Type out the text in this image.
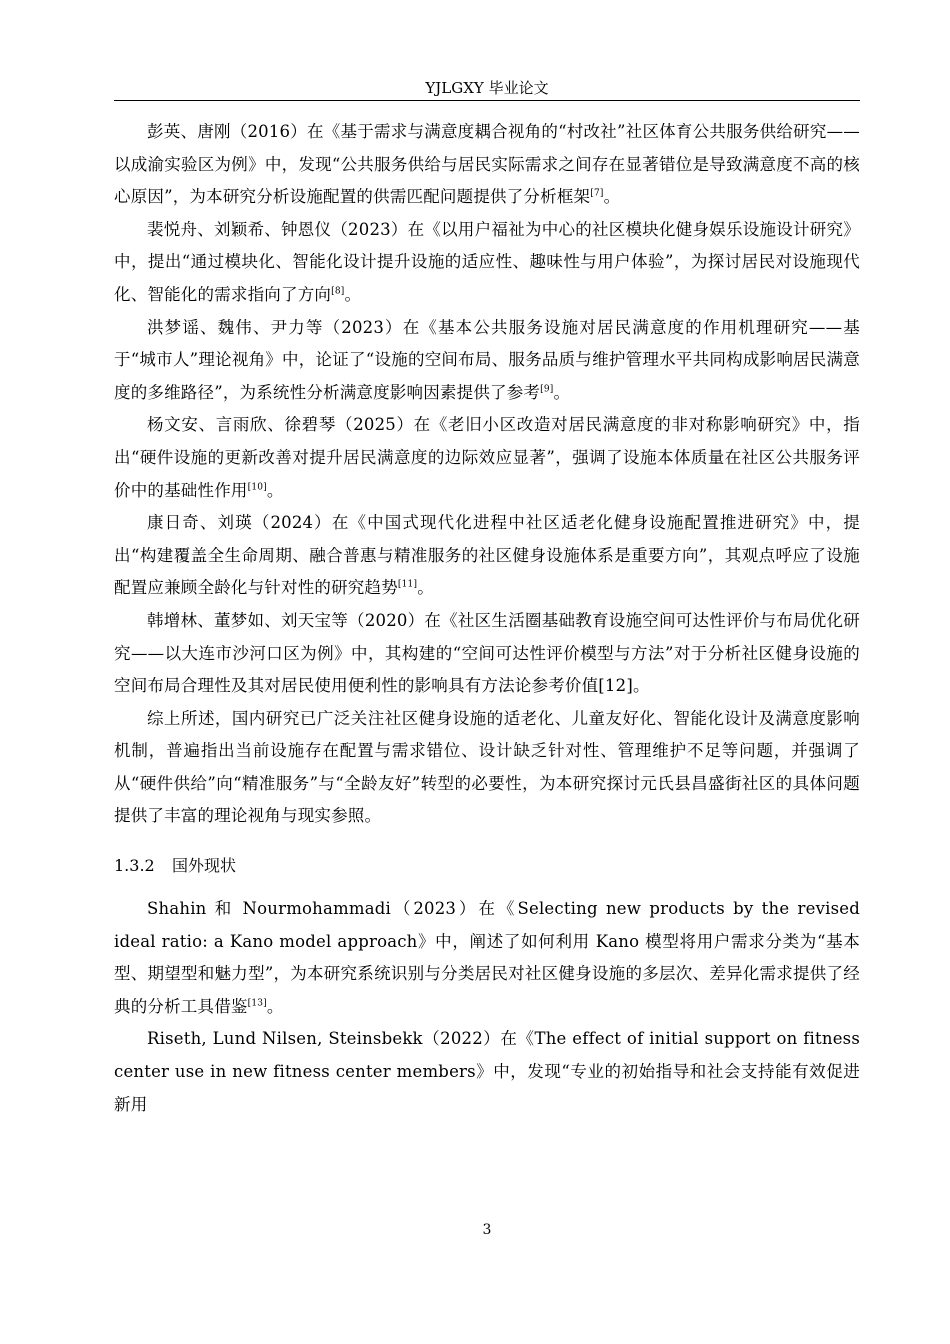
YJLGXY 毕业论文

彭英、唐刚（2016）在《基于需求与满意度耦合视角的“村改社”社区体育公共服务供给研究——以成渝实验区为例》中，发现“公共服务供给与居民实际需求之间存在显著错位是导致满意度不高的核心原因”，为本研究分析设施配置的供需匹配问题提供了分析框架[7]。

裴悦舟、刘颖希、钟恩仪（2023）在《以用户福祉为中心的社区模块化健身娱乐设施设计研究》中，提出“通过模块化、智能化设计提升设施的适应性、趣味性与用户体验”，为探讨居民对设施现代化、智能化的需求指向了方向[8]。

洪梦谣、魏伟、尹力等（2023）在《基本公共服务设施对居民满意度的作用机理研究——基于“城市人”理论视角》中，论证了“设施的空间布局、服务品质与维护管理水平共同构成影响居民满意度的多维路径”，为系统性分析满意度影响因素提供了参考[9]。

杨文安、言雨欣、徐碧琴（2025）在《老旧小区改造对居民满意度的非对称影响研究》中，指出“硬件设施的更新改善对提升居民满意度的边际效应显著”，强调了设施本体质量在社区公共服务评价中的基础性作用[10]。

康日奇、刘瑛（2024）在《中国式现代化进程中社区适老化健身设施配置推进研究》中，提出“构建覆盖全生命周期、融合普惠与精准服务的社区健身设施体系是重要方向”，其观点呼应了设施配置应兼顾全龄化与针对性的研究趋势[11]。

韩增林、董梦如、刘天宝等（2020）在《社区生活圈基础教育设施空间可达性评价与布局优化研究——以大连市沙河口区为例》中，其构建的“空间可达性评价模型与方法”对于分析社区健身设施的空间布局合理性及其对居民使用便利性的影响具有方法论参考价值[12]。

综上所述，国内研究已广泛关注社区健身设施的适老化、儿童友好化、智能化设计及满意度影响机制，普遍指出当前设施存在配置与需求错位、设计缺乏针对性、管理维护不足等问题，并强调了从“硬件供给”向“精准服务”与“全龄友好”转型的必要性，为本研究探讨元氏县昌盛街社区的具体问题提供了丰富的理论视角与现实参照。

1.3.2 国外现状

Shahin 和 Nourmohammadi（2023）在《Selecting new products by the revised ideal ratio: a Kano model approach》中，阐述了如何利用 Kano 模型将用户需求分类为“基本型、期望型和魅力型”，为本研究系统识别与分类居民对社区健身设施的多层次、差异化需求提供了经典的分析工具借鉴[13]。

Riseth, Lund Nilsen, Steinsbekk（2022）在《The effect of initial support on fitness center use in new fitness center members》中，发现“专业的初始指导和社会支持能有效促进新用

3
